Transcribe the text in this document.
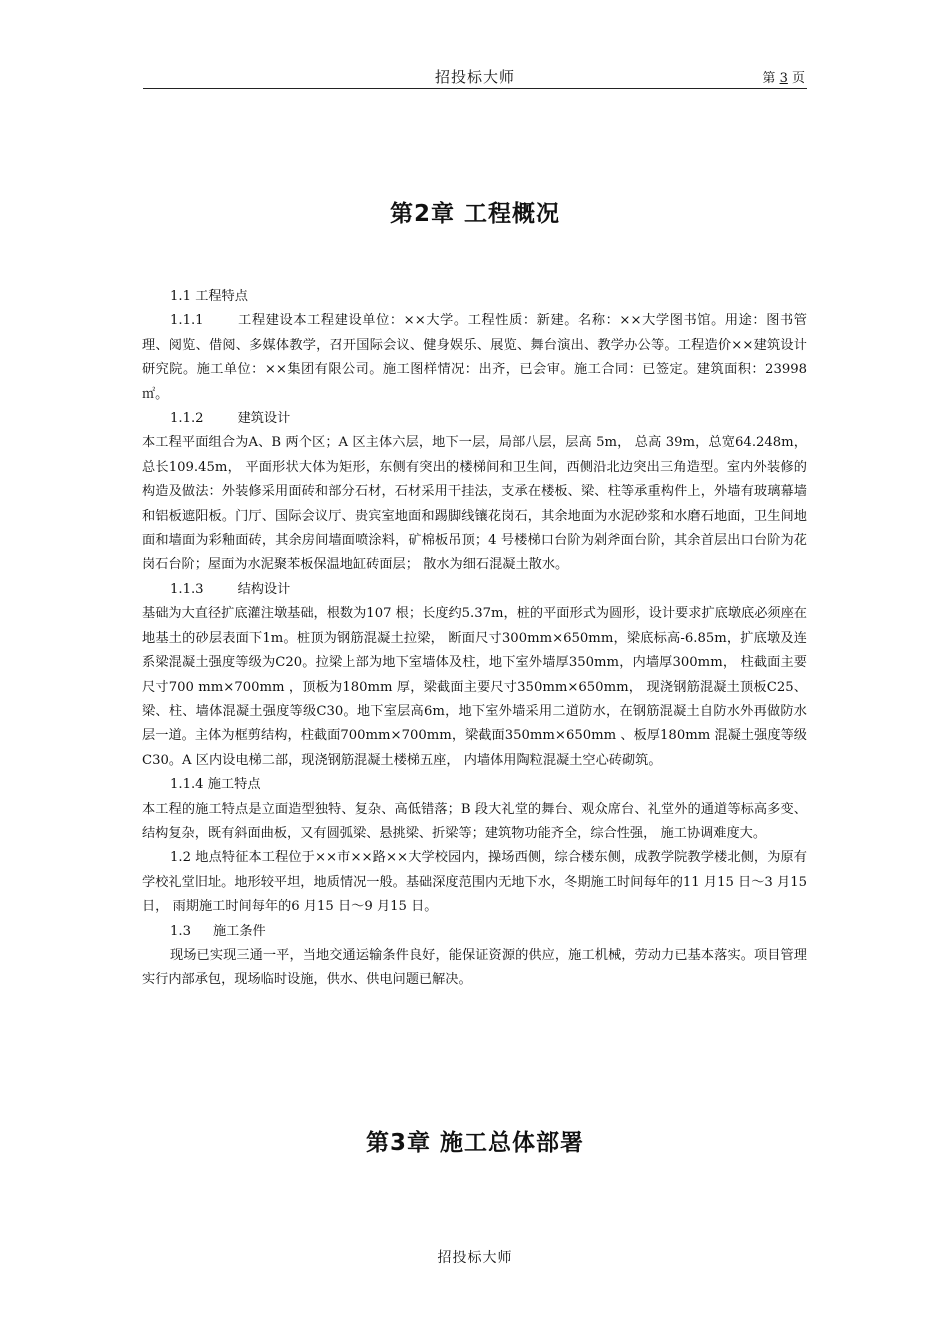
招投标大师	第 3 页
第2章 工程概况

1.1 工程特点

1.1.1	工程建设本工程建设单位：××大学。工程性质：新建。名称：××大学图书馆。用途：图书管理、阅览、借阅、多媒体教学，召开国际会议、健身娱乐、展览、舞台演出、教学办公等。工程造价××建筑设计研究院。施工单位：××集团有限公司。施工图样情况：出齐，已会审。施工合同：已签定。建筑面积：23998㎡。

1.1.2	建筑设计

本工程平面组合为A、B 两个区；A 区主体六层，地下一层，局部八层，层高 5m， 总高 39m，总宽64.248m，总长109.45m， 平面形状大体为矩形，东侧有突出的楼梯间和卫生间，西侧沿北边突出三角造型。室内外装修的构造及做法：外装修采用面砖和部分石材，石材采用干挂法，支承在楼板、梁、柱等承重构件上，外墙有玻璃幕墙和铝板遮阳板。门厅、国际会议厅、贵宾室地面和踢脚线镶花岗石，其余地面为水泥砂浆和水磨石地面，卫生间地面和墙面为彩釉面砖，其余房间墙面喷涂料，矿棉板吊顶；4 号楼梯口台阶为剁斧面台阶，其余首层出口台阶为花岗石台阶；屋面为水泥聚苯板保温地缸砖面层； 散水为细石混凝土散水。

1.1.3	结构设计

基础为大直径扩底灌注墩基础，根数为107 根；长度约5.37m，桩的平面形式为圆形，设计要求扩底墩底必须座在地基土的砂层表面下1m。桩顶为钢筋混凝土拉梁， 断面尺寸300mm×650mm，梁底标高-6.85m，扩底墩及连系梁混凝土强度等级为C20。拉梁上部为地下室墙体及柱，地下室外墙厚350mm，内墙厚300mm， 柱截面主要尺寸700 mm×700mm ，顶板为180mm 厚，梁截面主要尺寸350mm×650mm， 现浇钢筋混凝土顶板C25、梁、柱、墙体混凝土强度等级C30。地下室层高6m，地下室外墙采用二道防水，在钢筋混凝土自防水外再做防水层一道。主体为框剪结构，柱截面700mm×700mm，梁截面350mm×650mm 、板厚180mm 混凝土强度等级C30。A 区内设电梯二部，现浇钢筋混凝土楼梯五座， 内墙体用陶粒混凝土空心砖砌筑。

1.1.4 施工特点

本工程的施工特点是立面造型独特、复杂、高低错落；B 段大礼堂的舞台、观众席台、礼堂外的通道等标高多变、结构复杂，既有斜面曲板，又有圆弧梁、悬挑梁、折梁等；建筑物功能齐全，综合性强， 施工协调难度大。

1.2 地点特征本工程位于××市××路××大学校园内，操场西侧，综合楼东侧，成教学院教学楼北侧，为原有学校礼堂旧址。地形较平坦，地质情况一般。基础深度范围内无地下水，冬期施工时间每年的11 月15 日～3 月15 日， 雨期施工时间每年的6 月15 日～9 月15 日。

1.3 施工条件

现场已实现三通一平，当地交通运输条件良好，能保证资源的供应，施工机械，劳动力已基本落实。项目管理实行内部承包，现场临时设施，供水、供电问题已解决。

第3章 施工总体部署
招投标大师
